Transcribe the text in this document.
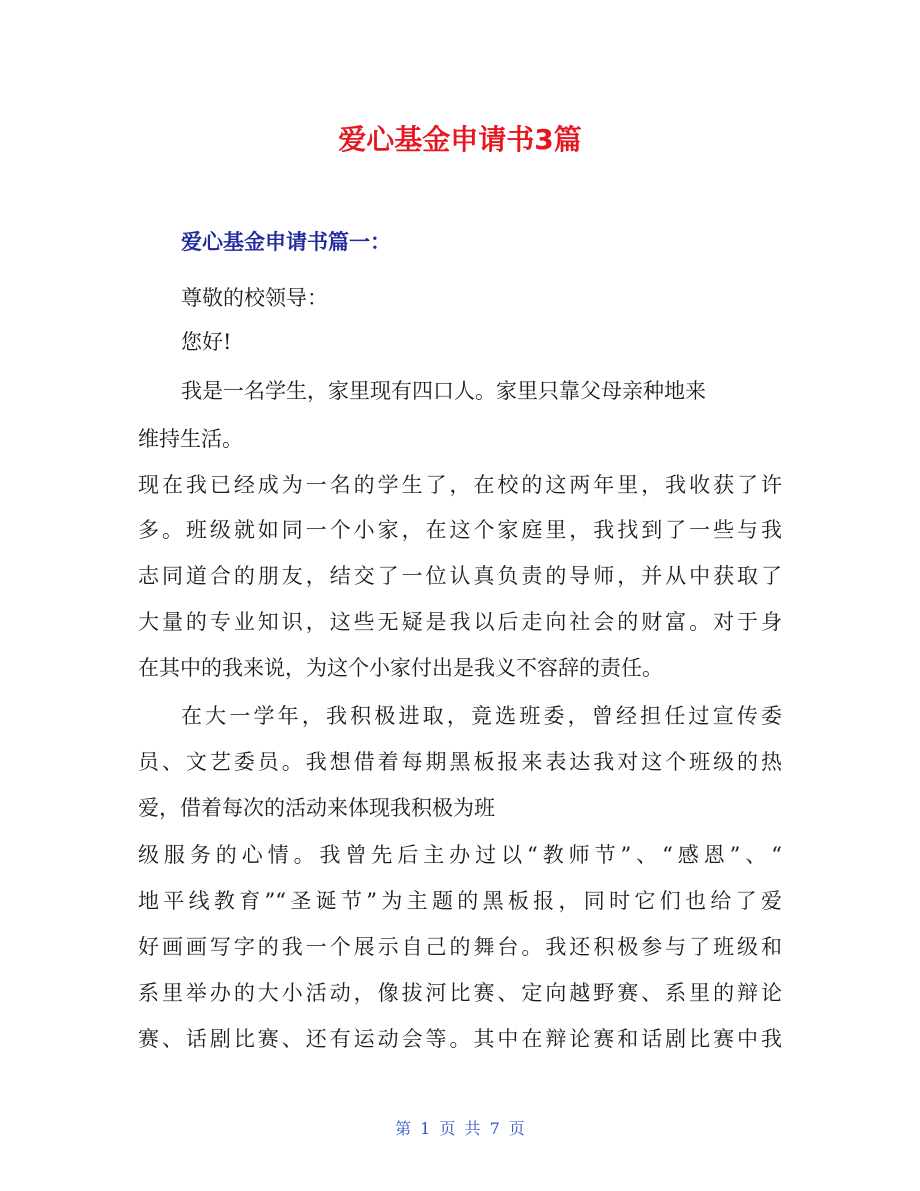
爱心基金申请书3篇
爱心基金申请书篇一：
尊敬的校领导：
您好!
我是一名学生，家里现有四口人。家里只靠父母亲种地来
维持生活。
现在我已经成为一名的学生了，在校的这两年里，我收获了许
多。班级就如同一个小家，在这个家庭里，我找到了一些与我
志同道合的朋友，结交了一位认真负责的导师，并从中获取了
大量的专业知识，这些无疑是我以后走向社会的财富。对于身
在其中的我来说，为这个小家付出是我义不容辞的责任。
在大一学年，我积极进取，竟选班委，曾经担任过宣传委
员、文艺委员。我想借着每期黑板报来表达我对这个班级的热
爱，借着每次的活动来体现我积极为班
级服务的心情。我曾先后主办过以“教师节”、“感恩”、“
地平线教育”“圣诞节”为主题的黑板报，同时它们也给了爱
好画画写字的我一个展示自己的舞台。我还积极参与了班级和
系里举办的大小活动，像拔河比赛、定向越野赛、系里的辩论
赛、话剧比赛、还有运动会等。其中在辩论赛和话剧比赛中我
第 1 页 共 7 页
